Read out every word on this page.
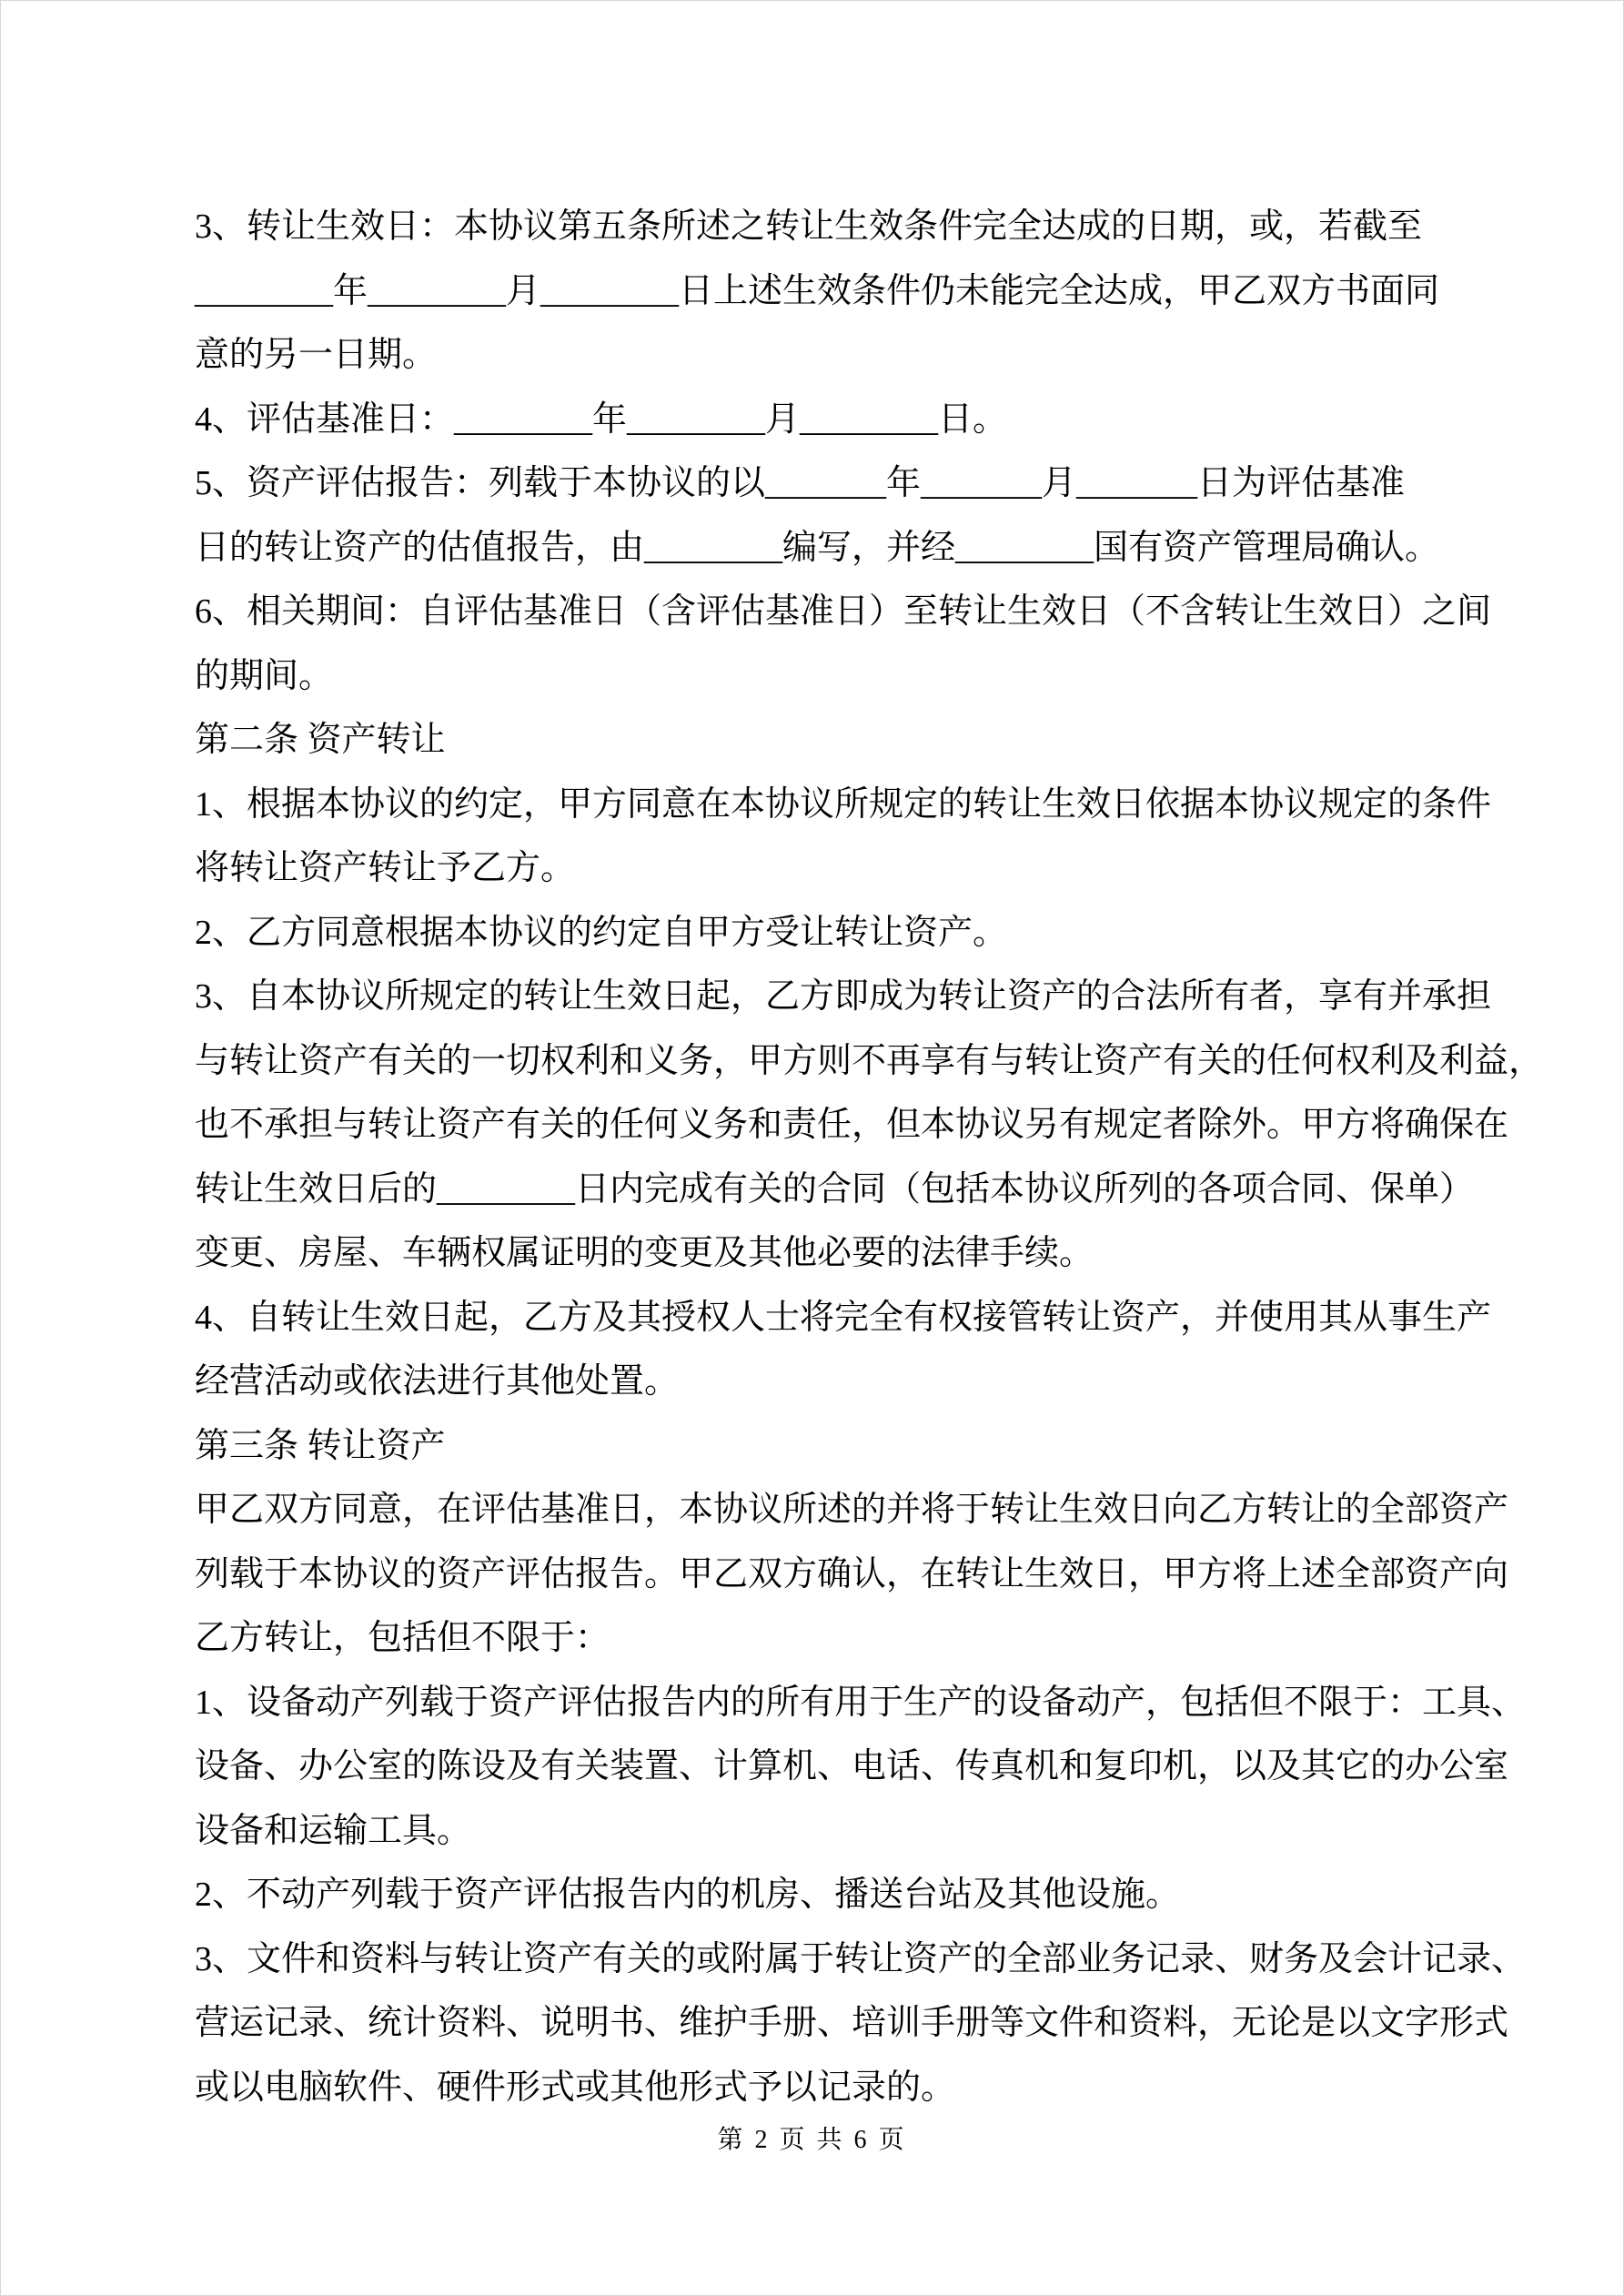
3、转让生效日：本协议第五条所述之转让生效条件完全达成的日期，或，若截至
________年________月________日上述生效条件仍未能完全达成，甲乙双方书面同
意的另一日期。
4、评估基准日：________年________月________日。
5、资产评估报告：列载于本协议的以_______年_______月_______日为评估基准
日的转让资产的估值报告，由________编写，并经________国有资产管理局确认。
6、相关期间：自评估基准日（含评估基准日）至转让生效日（不含转让生效日）之间
的期间。
第二条 资产转让
1、根据本协议的约定，甲方同意在本协议所规定的转让生效日依据本协议规定的条件
将转让资产转让予乙方。
2、乙方同意根据本协议的约定自甲方受让转让资产。
3、自本协议所规定的转让生效日起，乙方即成为转让资产的合法所有者，享有并承担
与转让资产有关的一切权利和义务，甲方则不再享有与转让资产有关的任何权利及利益，
也不承担与转让资产有关的任何义务和责任，但本协议另有规定者除外。甲方将确保在
转让生效日后的________日内完成有关的合同（包括本协议所列的各项合同、保单）
变更、房屋、车辆权属证明的变更及其他必要的法律手续。
4、自转让生效日起，乙方及其授权人士将完全有权接管转让资产，并使用其从事生产
经营活动或依法进行其他处置。
第三条 转让资产
甲乙双方同意，在评估基准日，本协议所述的并将于转让生效日向乙方转让的全部资产
列载于本协议的资产评估报告。甲乙双方确认，在转让生效日，甲方将上述全部资产向
乙方转让，包括但不限于：
1、设备动产列载于资产评估报告内的所有用于生产的设备动产，包括但不限于：工具、
设备、办公室的陈设及有关装置、计算机、电话、传真机和复印机，以及其它的办公室
设备和运输工具。
2、不动产列载于资产评估报告内的机房、播送台站及其他设施。
3、文件和资料与转让资产有关的或附属于转让资产的全部业务记录、财务及会计记录、
营运记录、统计资料、说明书、维护手册、培训手册等文件和资料，无论是以文字形式
或以电脑软件、硬件形式或其他形式予以记录的。
第 2 页 共 6 页
